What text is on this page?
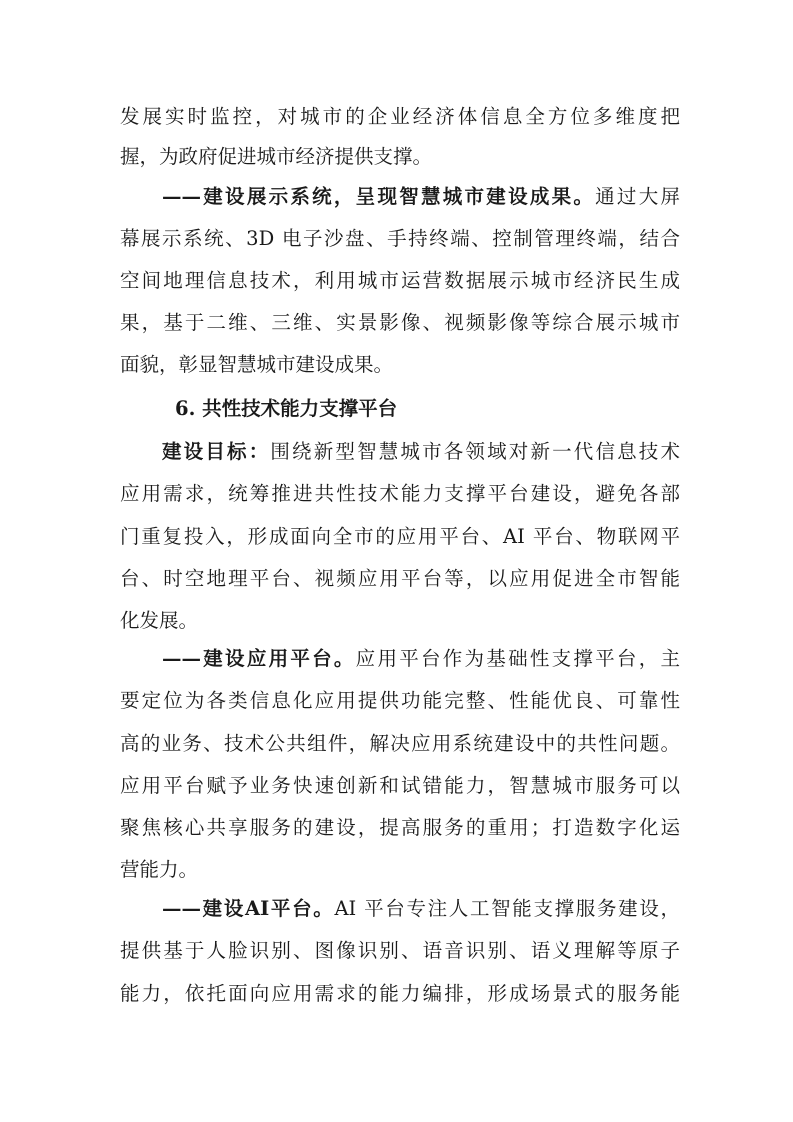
发展实时监控，对城市的企业经济体信息全方位多维度把
握，为政府促进城市经济提供支撑。
——建设展示系统，呈现智慧城市建设成果。通过大屏
幕展示系统、3D 电子沙盘、手持终端、控制管理终端，结合
空间地理信息技术，利用城市运营数据展示城市经济民生成
果，基于二维、三维、实景影像、视频影像等综合展示城市
面貌，彰显智慧城市建设成果。
6. 共性技术能力支撑平台
建设目标：围绕新型智慧城市各领域对新一代信息技术
应用需求，统筹推进共性技术能力支撑平台建设，避免各部
门重复投入，形成面向全市的应用平台、AI 平台、物联网平
台、时空地理平台、视频应用平台等，以应用促进全市智能
化发展。
——建设应用平台。应用平台作为基础性支撑平台，主
要定位为各类信息化应用提供功能完整、性能优良、可靠性
高的业务、技术公共组件，解决应用系统建设中的共性问题。
应用平台赋予业务快速创新和试错能力，智慧城市服务可以
聚焦核心共享服务的建设，提高服务的重用；打造数字化运
营能力。
——建设AI平台。AI 平台专注人工智能支撑服务建设，
提供基于人脸识别、图像识别、语音识别、语义理解等原子
能力，依托面向应用需求的能力编排，形成场景式的服务能
